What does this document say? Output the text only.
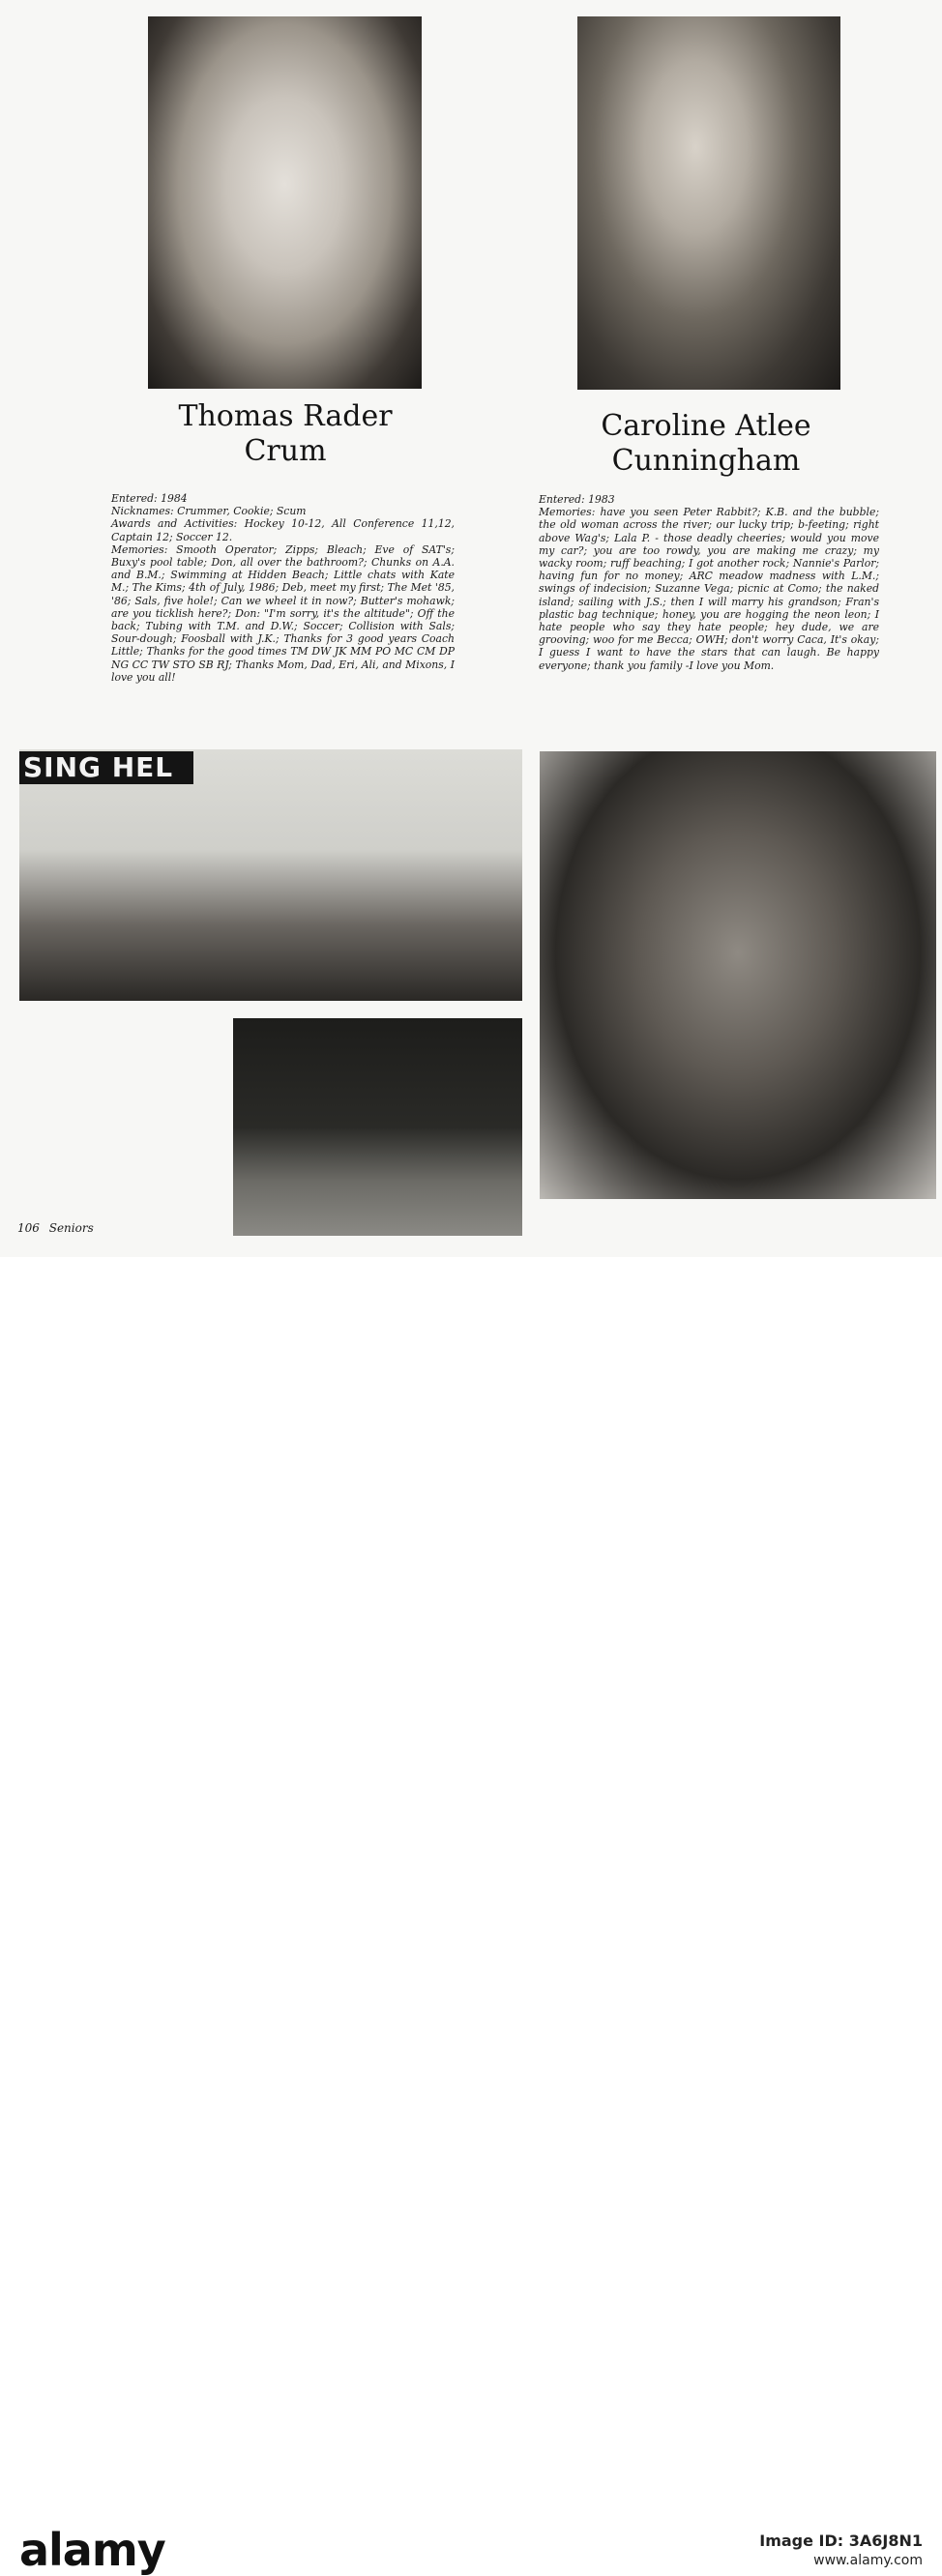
Thomas Rader
Crum
Caroline Atlee
Cunningham

Entered: 1984

Nicknames: Crummer, Cookie; Scum

Awards and Activities: Hockey 10-12, All Conference 11,12, Captain 12; Soccer 12.

Memories: Smooth Operator; Zipps; Bleach; Eve of SAT's; Buxy's pool table; Don, all over the bathroom?; Chunks on A.A. and B.M.; Swimming at Hidden Beach; Little chats with Kate M.; The Kims; 4th of July, 1986; Deb, meet my first; The Met '85, '86; Sals, five hole!; Can we wheel it in now?; Butter's mohawk; are you ticklish here?; Don: "I'm sorry, it's the altitude"; Off the back; Tubing with T.M. and D.W.; Soccer; Collision with Sals; Sour-dough; Foosball with J.K.; Thanks for 3 good years Coach Little; Thanks for the good times TM DW JK MM PO MC CM DP NG CC TW STO SB RJ; Thanks Mom, Dad, Eri, Ali, and Mixons, I love you all!

Entered: 1983

Memories: have you seen Peter Rabbit?; K.B. and the bubble; the old woman across the river; our lucky trip; b-feeting; right above Wag's; Lala P. - those deadly cheeries; would you move my car?; you are too rowdy, you are making me crazy; my wacky room; ruff beaching; I got another rock; Nannie's Parlor; having fun for no money; ARC meadow madness with L.M.; swings of indecision; Suzanne Vega; picnic at Como; the naked island; sailing with J.S.; then I will marry his grandson; Fran's plastic bag technique; honey, you are hogging the neon leon; I hate people who say they hate people; hey dude, we are grooving; woo for me Becca; OWH; don't worry Caca, It's okay; I guess I want to have the stars that can laugh. Be happy everyone; thank you family -I love you Mom.

SING HEL
106 Seniors
alamy	Image ID: 3A6J8N1
www.alamy.com
